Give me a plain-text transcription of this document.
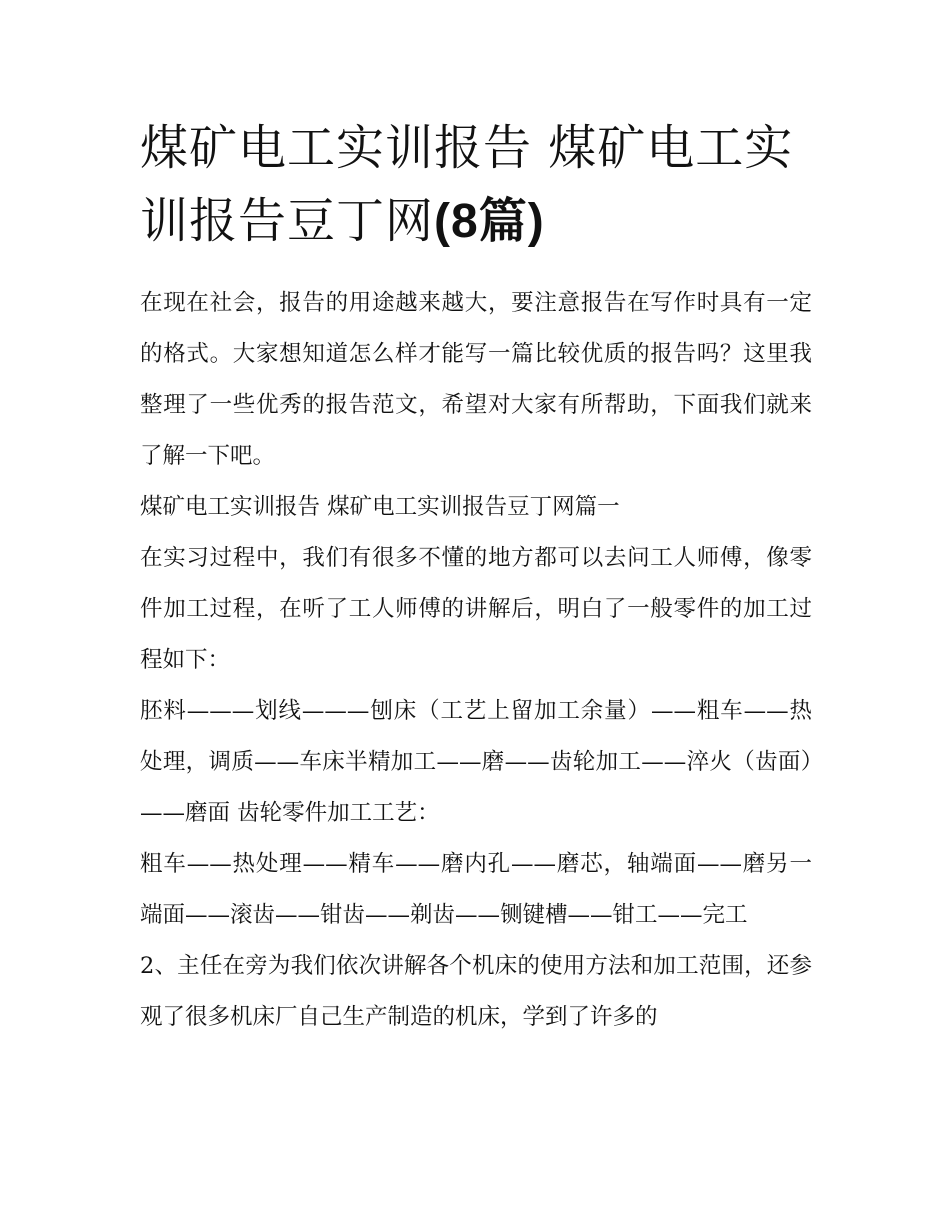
煤矿电工实训报告 煤矿电工实训报告豆丁网(8篇)

在现在社会，报告的用途越来越大，要注意报告在写作时具有一定的格式。大家想知道怎么样才能写一篇比较优质的报告吗？这里我整理了一些优秀的报告范文，希望对大家有所帮助，下面我们就来了解一下吧。

煤矿电工实训报告 煤矿电工实训报告豆丁网篇一

在实习过程中，我们有很多不懂的地方都可以去问工人师傅，像零件加工过程，在听了工人师傅的讲解后，明白了一般零件的加工过程如下：

胚料———划线———刨床（工艺上留加工余量）——粗车——热处理，调质——车床半精加工——磨——齿轮加工——淬火（齿面）——磨面 齿轮零件加工工艺：

粗车——热处理——精车——磨内孔——磨芯，轴端面——磨另一端面——滚齿——钳齿——剃齿——铡键槽——钳工——完工

2、主任在旁为我们依次讲解各个机床的使用方法和加工范围，还参观了很多机床厂自己生产制造的机床，学到了许多的
